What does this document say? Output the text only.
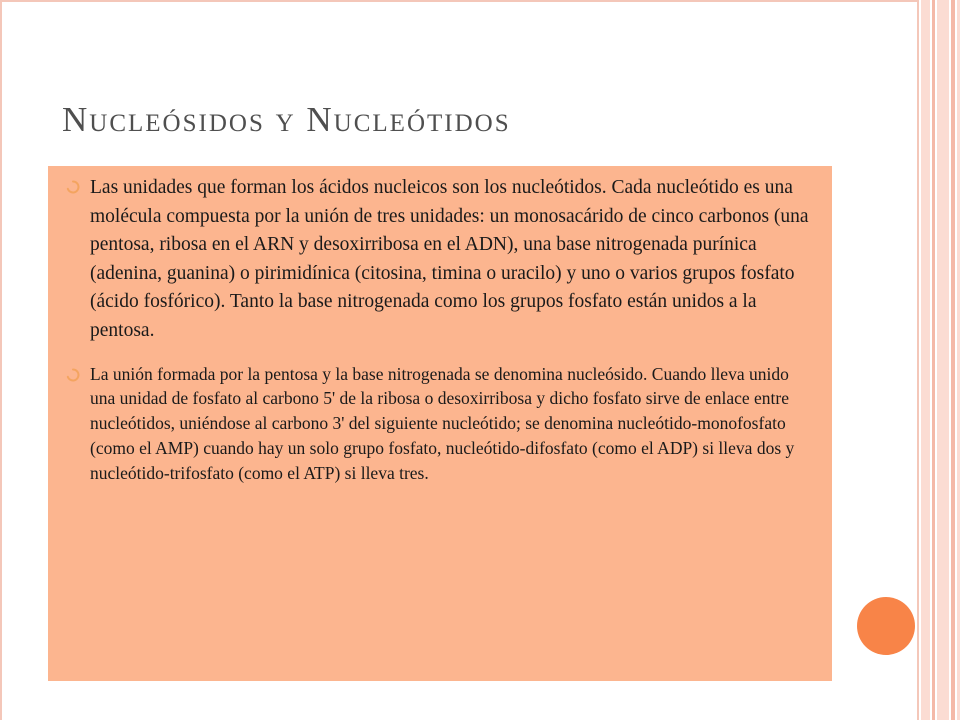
Nucleósidos y Nucleótidos
Las unidades que forman los ácidos nucleicos son los nucleótidos. Cada nucleótido es una molécula compuesta por la unión de tres unidades: un monosacárido de cinco carbonos (una pentosa, ribosa en el ARN y desoxirribosa en el ADN), una base nitrogenada purínica (adenina, guanina) o pirimidínica (citosina, timina o uracilo) y uno o varios grupos fosfato (ácido fosfórico). Tanto la base nitrogenada como los grupos fosfato están unidos a la pentosa.
La unión formada por la pentosa y la base nitrogenada se denomina nucleósido. Cuando lleva unido una unidad de fosfato al carbono 5' de la ribosa o desoxirribosa y dicho fosfato sirve de enlace entre nucleótidos, uniéndose al carbono 3' del siguiente nucleótido; se denomina nucleótido-monofosfato (como el AMP) cuando hay un solo grupo fosfato, nucleótido-difosfato (como el ADP) si lleva dos y nucleótido-trifosfato (como el ATP) si lleva tres.
